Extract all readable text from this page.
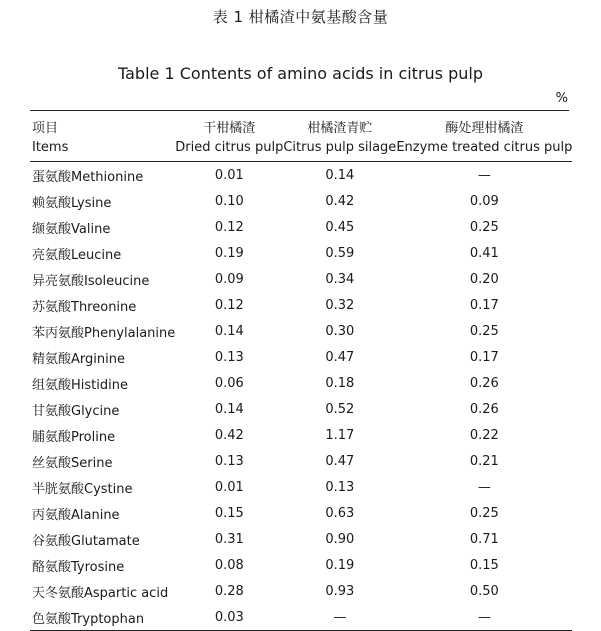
表 1 柑橘渣中氨基酸含量
Table 1 Contents of amino acids in citrus pulp
%
项目	干柑橘渣	柑橘渣青贮	酶处理柑橘渣
Items	Dried citrus pulp	Citrus pulp silage	Enzyme treated citrus pulp
蛋氨酸Methionine	0.01	0.14	—
赖氨酸Lysine	0.10	0.42	0.09
缬氨酸Valine	0.12	0.45	0.25
亮氨酸Leucine	0.19	0.59	0.41
异亮氨酸Isoleucine	0.09	0.34	0.20
苏氨酸Threonine	0.12	0.32	0.17
苯丙氨酸Phenylalanine	0.14	0.30	0.25
精氨酸Arginine	0.13	0.47	0.17
组氨酸Histidine	0.06	0.18	0.26
甘氨酸Glycine	0.14	0.52	0.26
脯氨酸Proline	0.42	1.17	0.22
丝氨酸Serine	0.13	0.47	0.21
半胱氨酸Cystine	0.01	0.13	—
丙氨酸Alanine	0.15	0.63	0.25
谷氨酸Glutamate	0.31	0.90	0.71
酪氨酸Tyrosine	0.08	0.19	0.15
天冬氨酸Aspartic acid	0.28	0.93	0.50
色氨酸Tryptophan	0.03	—	—
